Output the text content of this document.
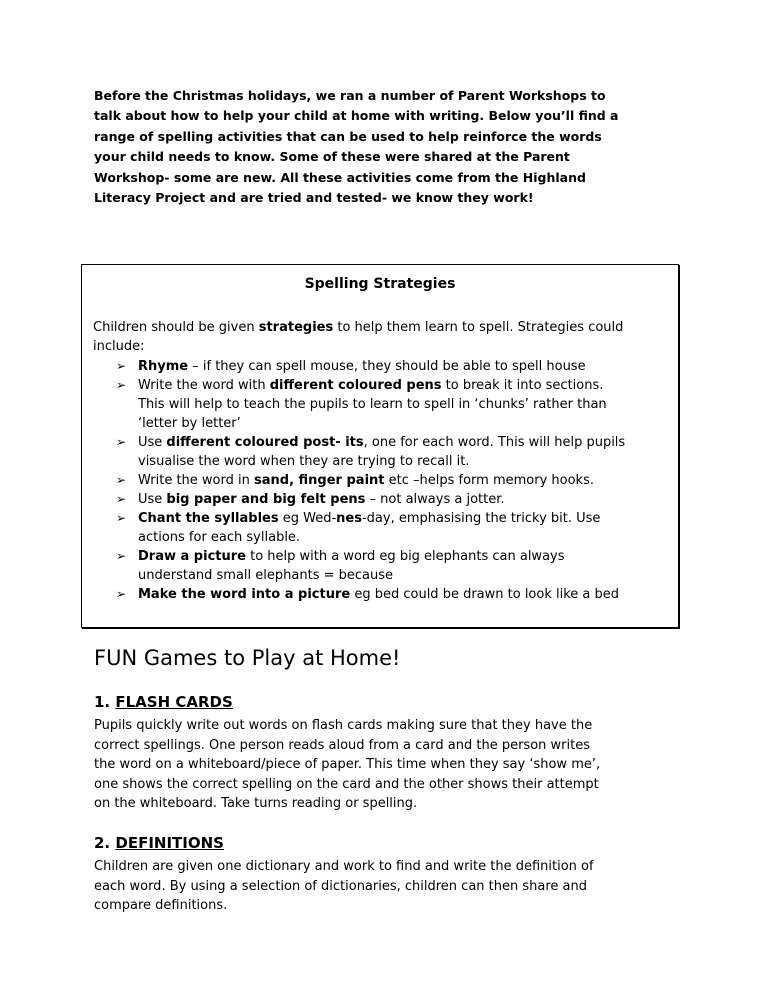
Before the Christmas holidays, we ran a number of Parent Workshops to

talk about how to help your child at home with writing. Below you’ll find a

range of spelling activities that can be used to help reinforce the words

your child needs to know. Some of these were shared at the Parent

Workshop- some are new. All these activities come from the Highland

Literacy Project and are tried and tested- we know they work!

Spelling Strategies

Children should be given strategies to help them learn to spell. Strategies could

include:

➢ Rhyme – if they can spell mouse, they should be able to spell house
➢ Write the word with different coloured pens to break it into sections.
This will help to teach the pupils to learn to spell in ‘chunks’ rather than
‘letter by letter’
➢ Use different coloured post- its, one for each word. This will help pupils
visualise the word when they are trying to recall it.
➢ Write the word in sand, finger paint etc –helps form memory hooks.
➢ Use big paper and big felt pens – not always a jotter.
➢ Chant the syllables eg Wed-nes-day, emphasising the tricky bit. Use
actions for each syllable.
➢ Draw a picture to help with a word eg big elephants can always
understand small elephants = because
➢ Make the word into a picture eg bed could be drawn to look like a bed
FUN Games to Play at Home!
1. FLASH CARDS

Pupils quickly write out words on flash cards making sure that they have the

correct spellings. One person reads aloud from a card and the person writes

the word on a whiteboard/piece of paper. This time when they say ‘show me’,

one shows the correct spelling on the card and the other shows their attempt

on the whiteboard. Take turns reading or spelling.

2. DEFINITIONS

Children are given one dictionary and work to find and write the definition of

each word. By using a selection of dictionaries, children can then share and

compare definitions.
